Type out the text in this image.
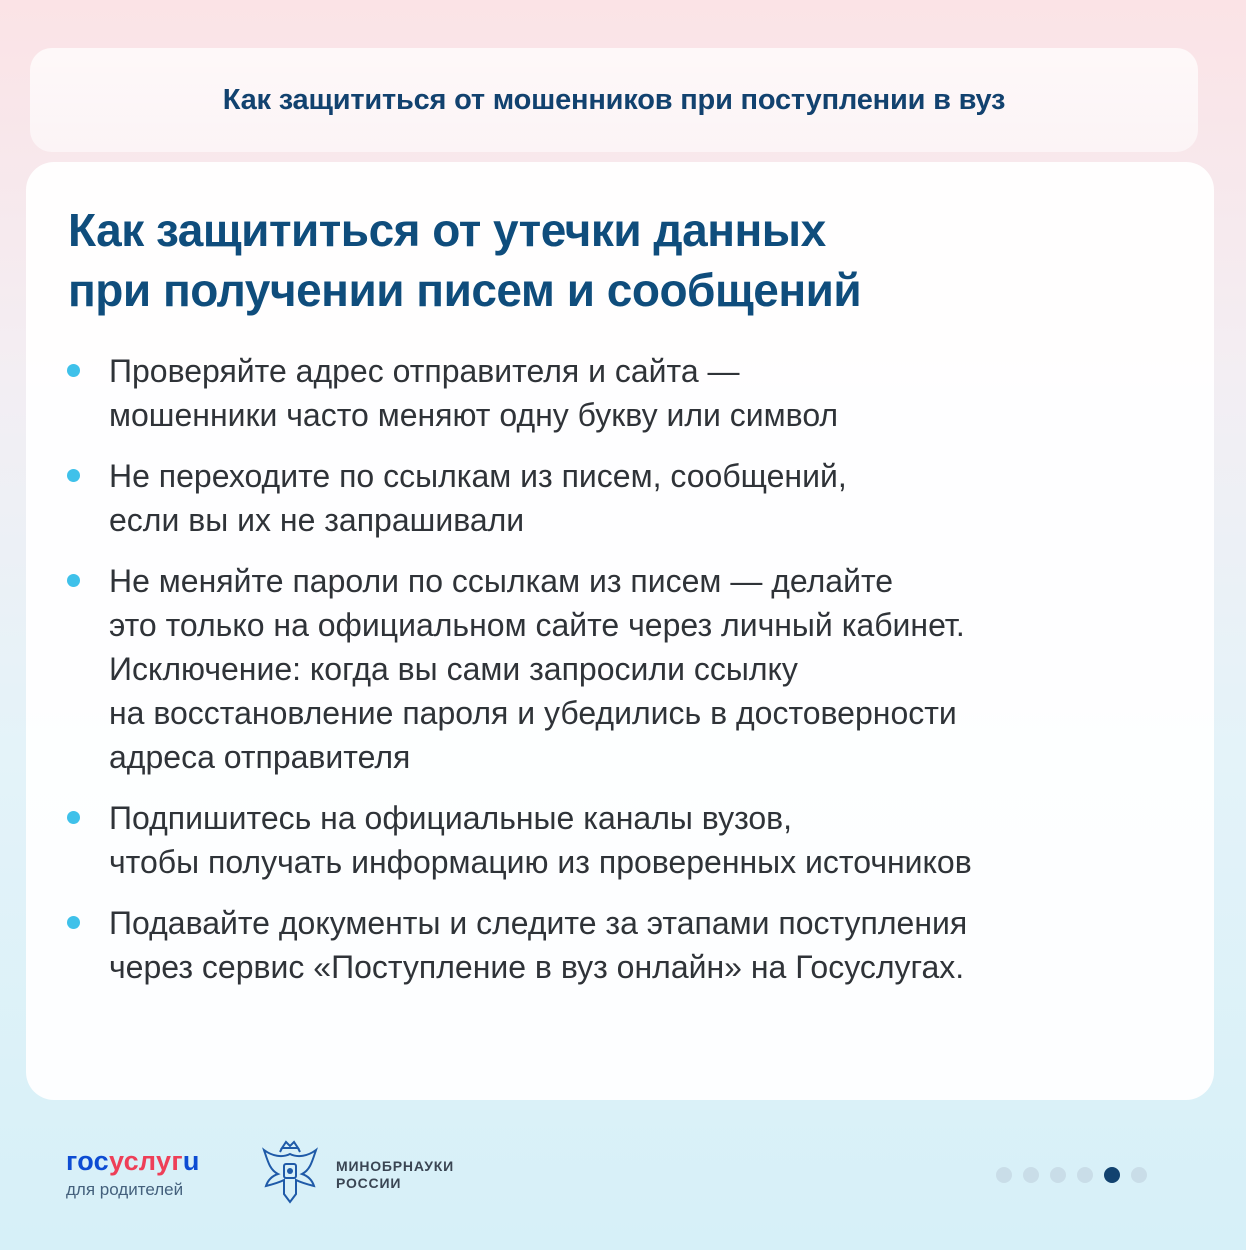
Как защититься от мошенников при поступлении в вуз
Как защититься от утечки данных
при получении писем и сообщений
Проверяйте адрес отправителя и сайта —
мошенники часто меняют одну букву или символ
Не переходите по ссылкам из писем, сообщений,
если вы их не запрашивали
Не меняйте пароли по ссылкам из писем — делайте
это только на официальном сайте через личный кабинет.
Исключение: когда вы сами запросили ссылку
на восстановление пароля и убедились в достоверности
адреса отправителя
Подпишитесь на официальные каналы вузов,
чтобы получать информацию из проверенных источников
Подавайте документы и следите за этапами поступления
через сервис «Поступление в вуз онлайн» на Госуслугах.
госуслугu
для родителей
МИНОБРНАУКИ
РОССИИ
